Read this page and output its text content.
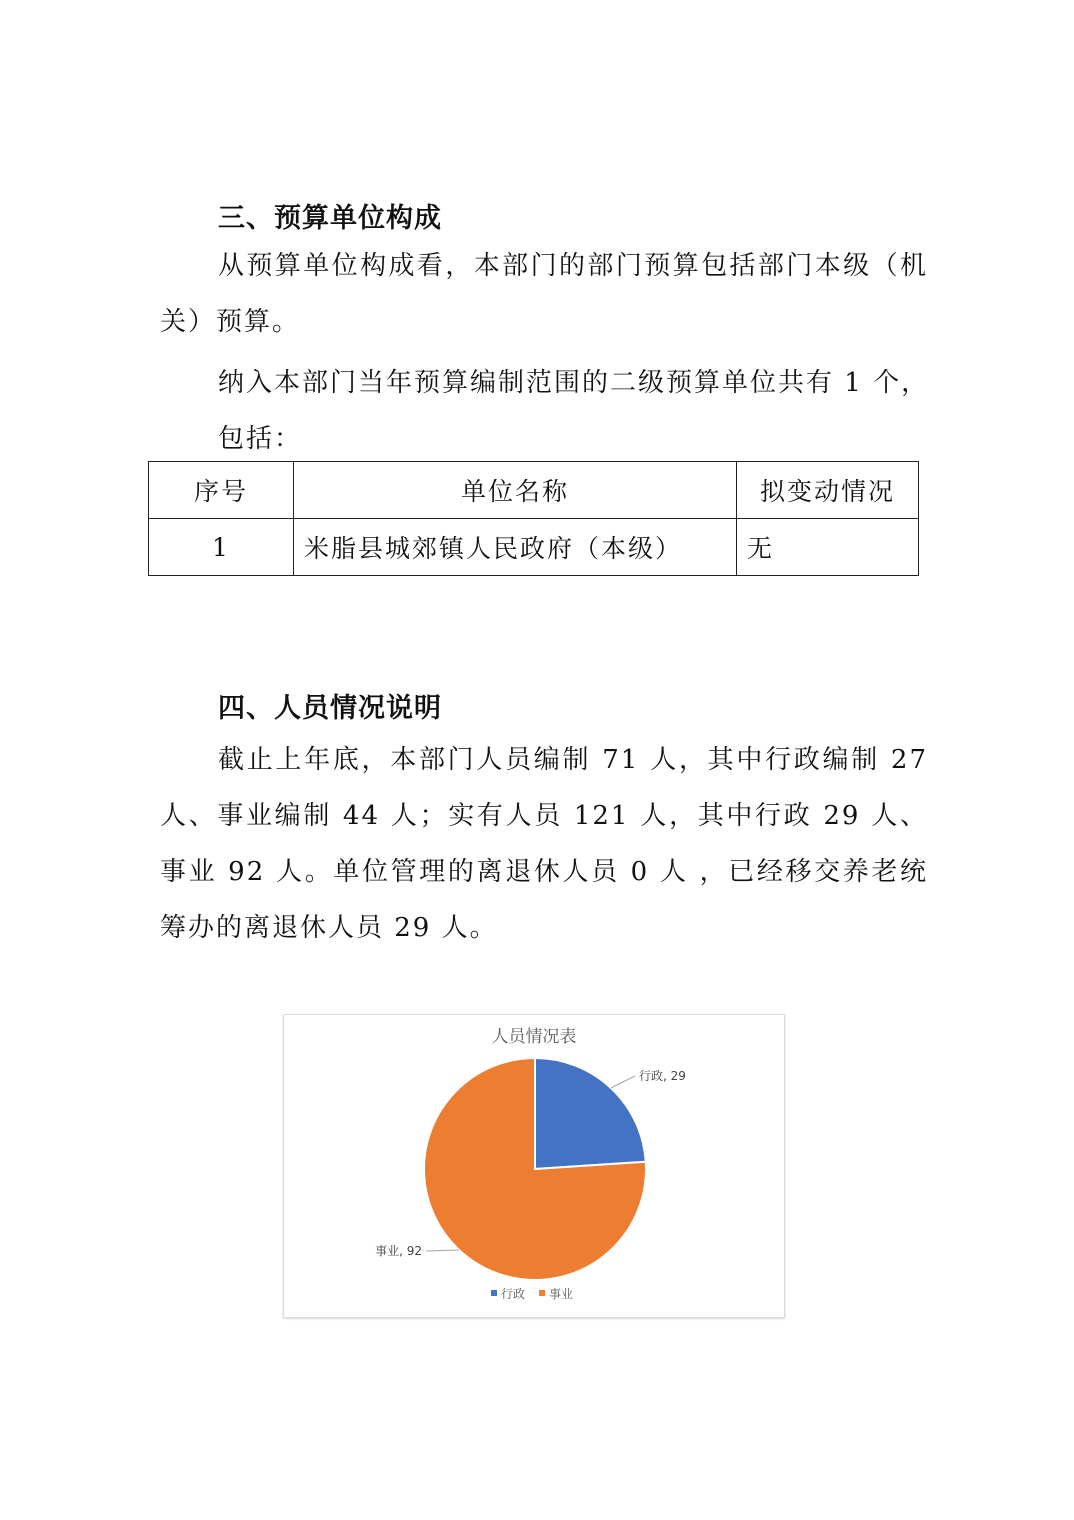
三、预算单位构成

从预算单位构成看，本部门的部门预算包括部门本级（机关）预算。

纳入本部门当年预算编制范围的二级预算单位共有 1 个，
包括：
序号	单位名称	拟变动情况
1	米脂县城郊镇人民政府（本级）	无
四、人员情况说明

截止上年底，本部门人员编制 71 人，其中行政编制 27 人、事业编制 44 人；实有人员 121 人，其中行政 29 人、事业 92 人。单位管理的离退休人员 0 人 ，已经移交养老统筹办的离退休人员 29 人。

人员情况表
行政, 29
事业, 92
行政 事业
